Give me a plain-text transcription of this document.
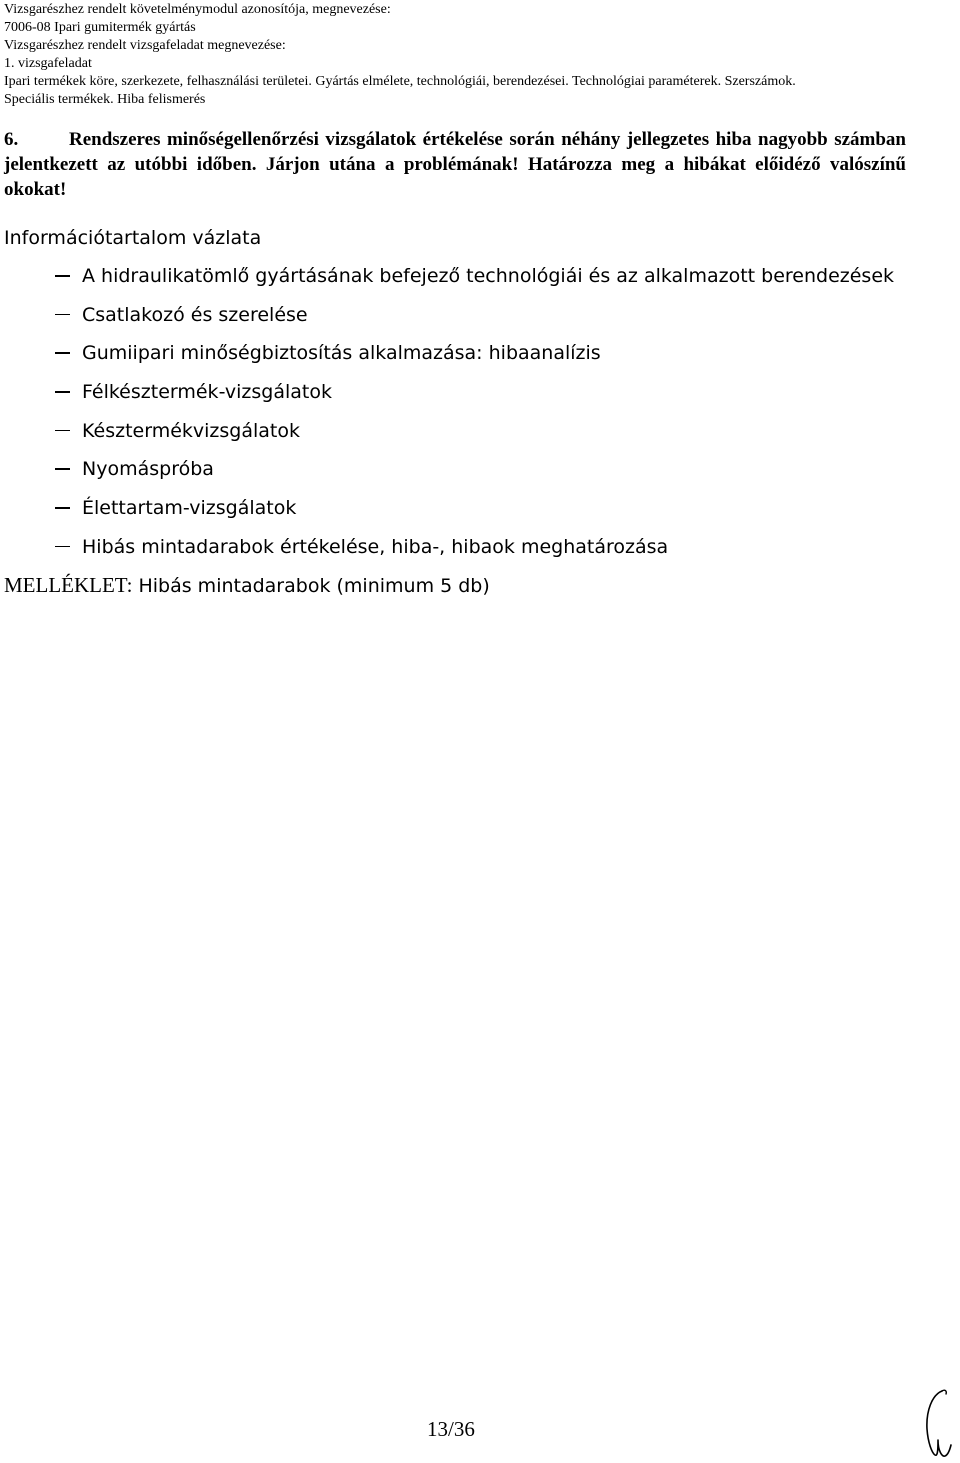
Vizsgarészhez rendelt követelménymodul azonosítója, megnevezése:
7006-08 Ipari gumitermék gyártás
Vizsgarészhez rendelt vizsgafeladat megnevezése:
1. vizsgafeladat
Ipari termékek köre, szerkezete, felhasználási területei. Gyártás elmélete, technológiái, berendezései. Technológiai paraméterek. Szerszámok.
Speciális termékek. Hiba felismerés
6.	Rendszeres minőségellenőrzési vizsgálatok értékelése során néhány jellegzetes hiba nagyobb számban jelentkezett az utóbbi időben. Járjon utána a problémának! Határozza meg a hibákat előidéző valószínű okokat!
Információtartalom vázlata
A hidraulikatömlő gyártásának befejező technológiái és az alkalmazott berendezések
Csatlakozó és szerelése
Gumiipari minőségbiztosítás alkalmazása: hibaanalízis
Félkésztermék-vizsgálatok
Késztermékvizsgálatok
Nyomáspróba
Élettartam-vizsgálatok
Hibás mintadarabok értékelése, hiba-, hibaok meghatározása
MELLÉKLET: Hibás mintadarabok (minimum 5 db)
13/36
